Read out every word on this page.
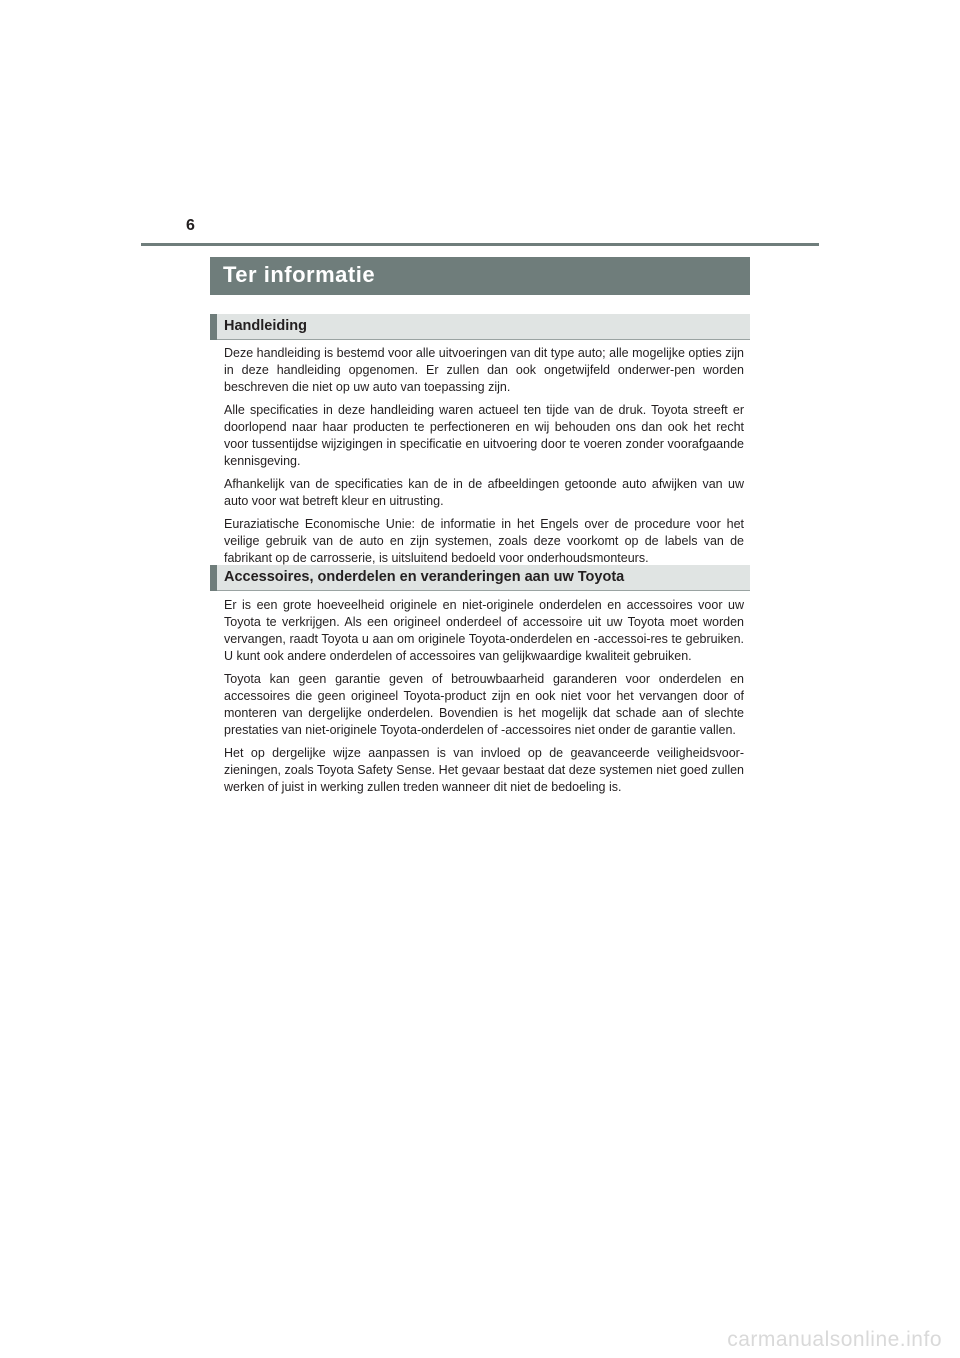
6
Ter informatie
Handleiding

Deze handleiding is bestemd voor alle uitvoeringen van dit type auto; alle mogelijke opties zijn in deze handleiding opgenomen. Er zullen dan ook ongetwijfeld onderwer-pen worden beschreven die niet op uw auto van toepassing zijn.

Alle specificaties in deze handleiding waren actueel ten tijde van de druk. Toyota streeft er doorlopend naar haar producten te perfectioneren en wij behouden ons dan ook het recht voor tussentijdse wijzigingen in specificatie en uitvoering door te voeren zonder voorafgaande kennisgeving.

Afhankelijk van de specificaties kan de in de afbeeldingen getoonde auto afwijken van uw auto voor wat betreft kleur en uitrusting.

Euraziatische Economische Unie: de informatie in het Engels over de procedure voor het veilige gebruik van de auto en zijn systemen, zoals deze voorkomt op de labels van de fabrikant op de carrosserie, is uitsluitend bedoeld voor onderhoudsmonteurs.

Accessoires, onderdelen en veranderingen aan uw Toyota

Er is een grote hoeveelheid originele en niet-originele onderdelen en accessoires voor uw Toyota te verkrijgen. Als een origineel onderdeel of accessoire uit uw Toyota moet worden vervangen, raadt Toyota u aan om originele Toyota-onderdelen en -accessoi-res te gebruiken. U kunt ook andere onderdelen of accessoires van gelijkwaardige kwaliteit gebruiken.

Toyota kan geen garantie geven of betrouwbaarheid garanderen voor onderdelen en accessoires die geen origineel Toyota-product zijn en ook niet voor het vervangen door of monteren van dergelijke onderdelen. Bovendien is het mogelijk dat schade aan of slechte prestaties van niet-originele Toyota-onderdelen of -accessoires niet onder de garantie vallen.

Het op dergelijke wijze aanpassen is van invloed op de geavanceerde veiligheidsvoor-zieningen, zoals Toyota Safety Sense. Het gevaar bestaat dat deze systemen niet goed zullen werken of juist in werking zullen treden wanneer dit niet de bedoeling is.

carmanualsonline.info
